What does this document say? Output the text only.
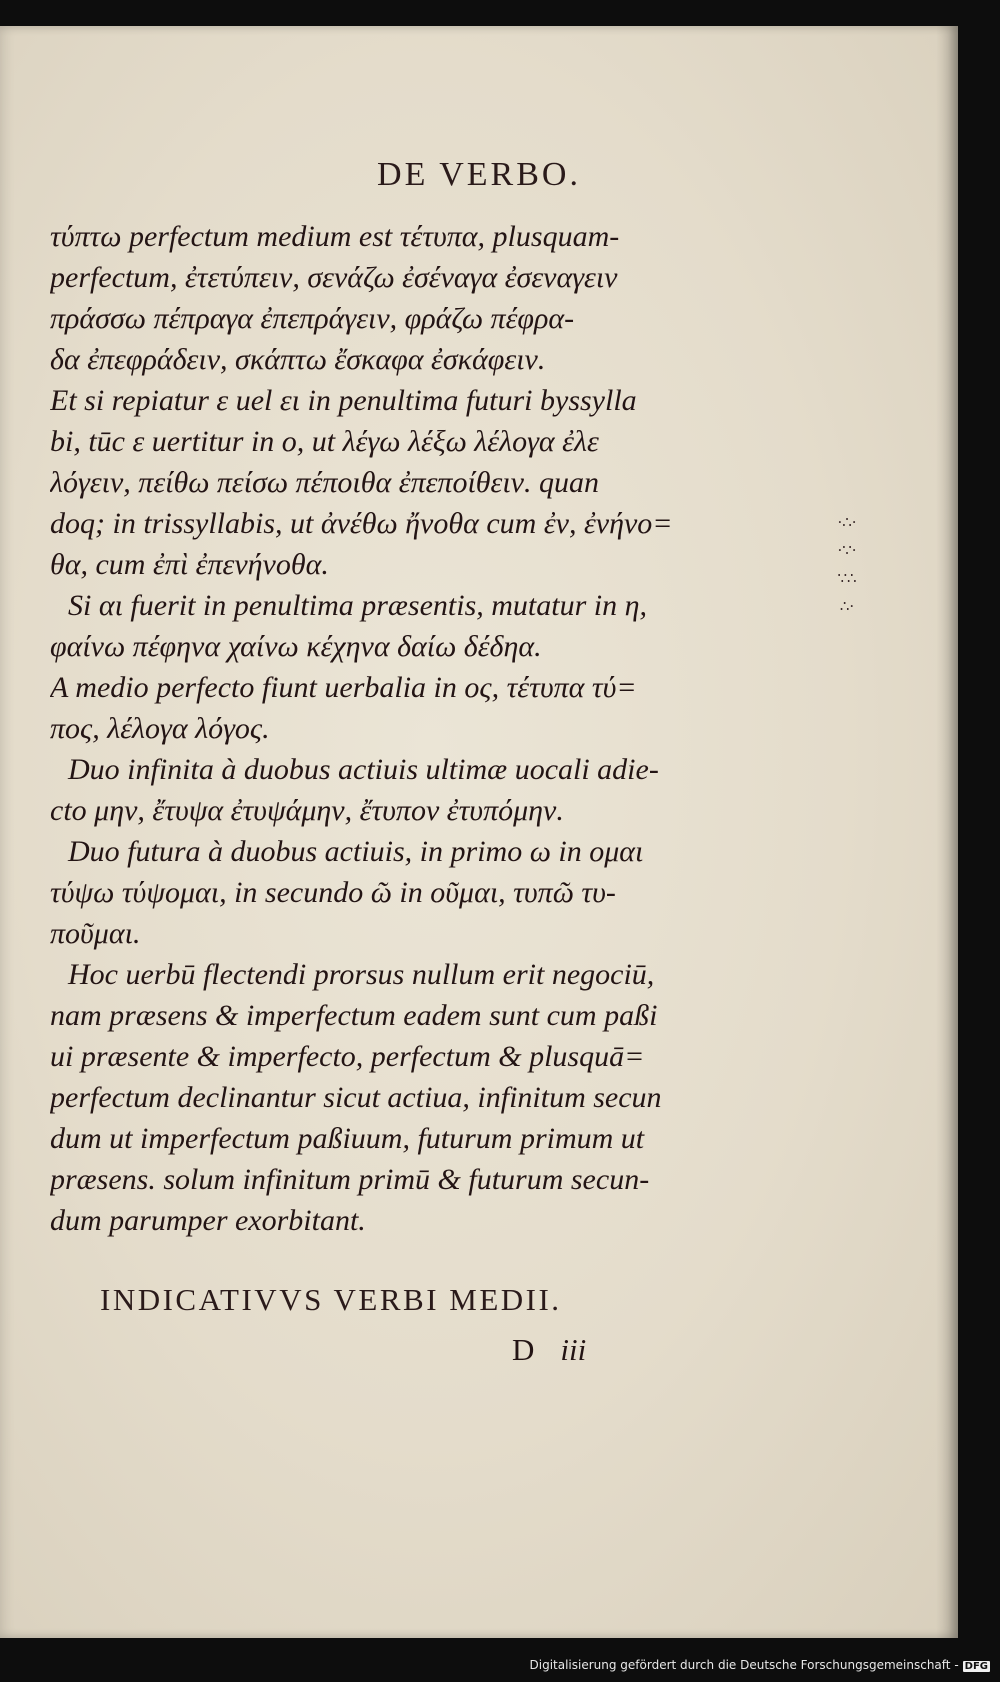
DE VERBO.
τύπτω perfectum medium est τέτυπα, plusquam-
perfectum, ἐτετύπειν, σενάζω ἐσέναγα ἐσεναγειν
πράσσω πέπραγα ἐπεπράγειν, φράζω πέφρα-
δα ἐπεφράδειν, σκάπτω ἔσκαφα ἐσκάφειν.
Et si repiatur ε uel ει in penultima futuri byssylla
bi, tūc ε uertitur in ο, ut λέγω λέξω λέλογα ἐλε
λόγειν, πείθω πείσω πέποιθα ἐπεποίθειν. quan
doq; in trissyllabis, ut ἀνέθω ἤνοθα cum ἐν, ἐνήνο=
θα, cum ἐπὶ ἐπενήνοθα.
Si αι fuerit in penultima præsentis, mutatur in η,
φαίνω πέφηνα χαίνω κέχηνα δαίω δέδηα.
A medio perfecto fiunt uerbalia in ος, τέτυπα τύ=
πος, λέλογα λόγος.
Duo infinita à duobus actiuis ultimæ uocali adie-
cto μην, ἔτυψα ἐτυψάμην, ἔτυπον ἐτυπόμην.
Duo futura à duobus actiuis, in primo ω in ομαι
τύψω τύψομαι, in secundo ῶ in οῦμαι, τυπῶ τυ-
ποῦμαι.
Hoc uerbū flectendi prorsus nullum erit negociū,
nam præsens & imperfectum eadem sunt cum paßi
ui præsente & imperfecto, perfectum & plusquā=
perfectum declinantur sicut actiua, infinitum secun
dum ut imperfectum paßiuum, futurum primum ut
præsens. solum infinitum primū & futurum secun-
dum parumper exorbitant.
·∴·
·∵·
∵∴
∴·
INDICATIVVS VERBI MEDII.
D iii
Digitalisierung gefördert durch die Deutsche Forschungsgemeinschaft - DFG
